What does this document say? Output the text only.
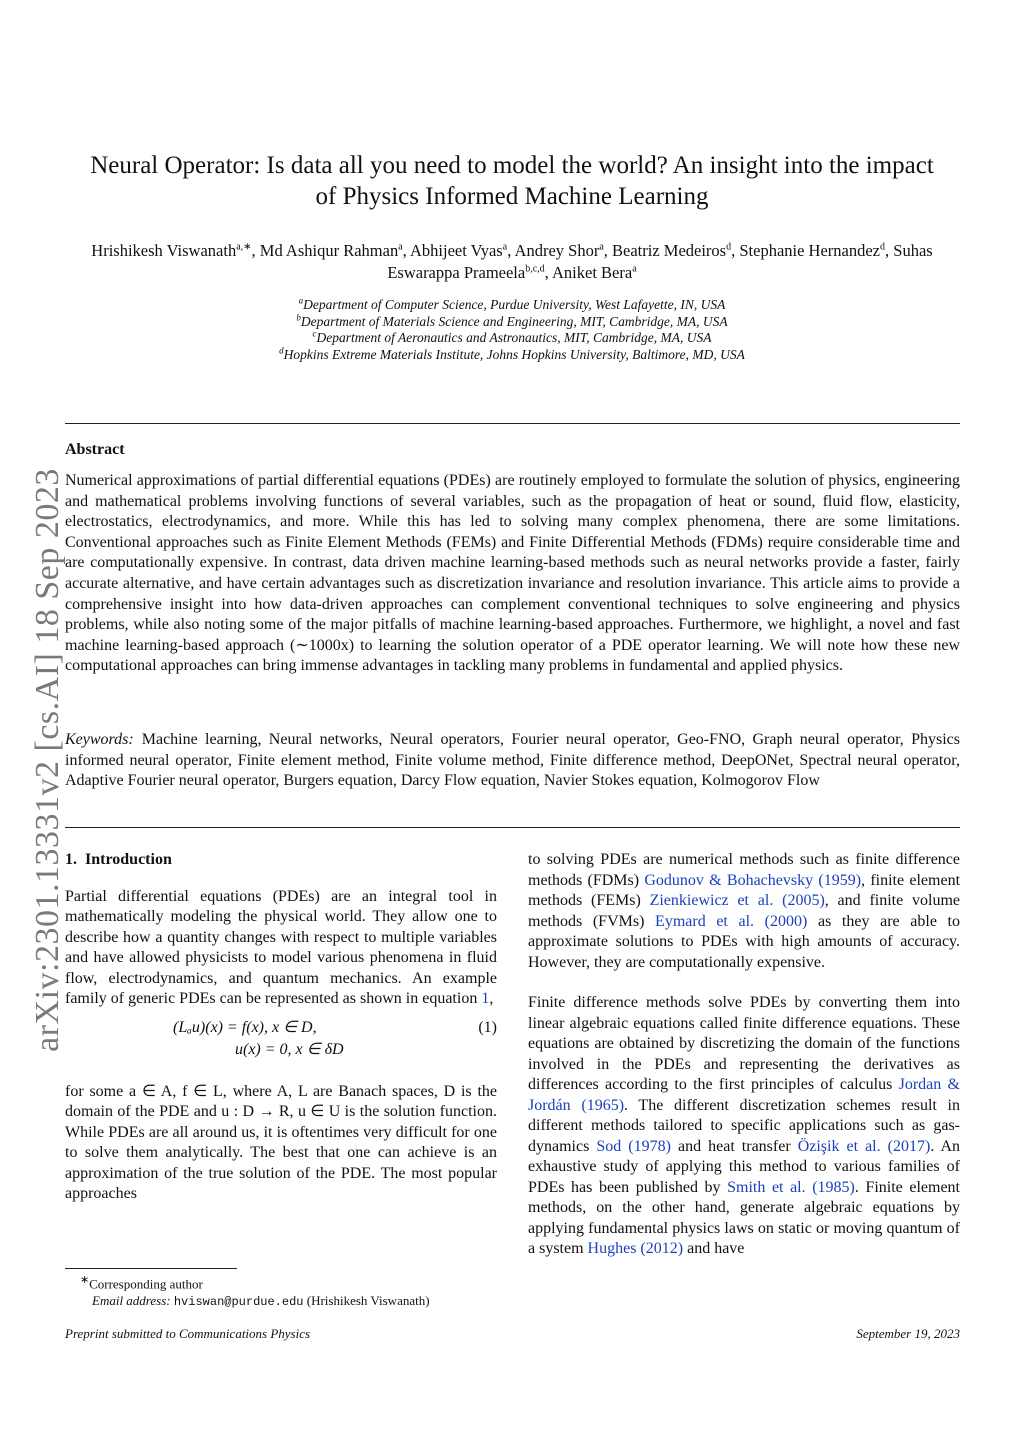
arXiv:2301.13331v2 [cs.AI] 18 Sep 2023
Neural Operator: Is data all you need to model the world? An insight into the impact of Physics Informed Machine Learning
Hrishikesh Viswanath$^{a,∗}$, Md Ashiqur Rahman$^a$, Abhijeet Vyas$^a$, Andrey Shor$^a$, Beatriz Medeiros$^d$, Stephanie Hernandez$^d$, Suhas Eswarappa Prameela$^{b,c,d}$, Aniket Bera$^a$
$^a$Department of Computer Science, Purdue University, West Lafayette, IN, USA
$^b$Department of Materials Science and Engineering, MIT, Cambridge, MA, USA
$^c$Department of Aeronautics and Astronautics, MIT, Cambridge, MA, USA
$^d$Hopkins Extreme Materials Institute, Johns Hopkins University, Baltimore, MD, USA
Abstract
Numerical approximations of partial differential equations (PDEs) are routinely employed to formulate the solution of physics, engineering and mathematical problems involving functions of several variables, such as the propagation of heat or sound, fluid flow, elasticity, electrostatics, electrodynamics, and more. While this has led to solving many complex phenomena, there are some limitations. Conventional approaches such as Finite Element Methods (FEMs) and Finite Differential Methods (FDMs) require considerable time and are computationally expensive. In contrast, data driven machine learning-based methods such as neural networks provide a faster, fairly accurate alternative, and have certain advantages such as discretization invariance and resolution invariance. This article aims to provide a comprehensive insight into how data-driven approaches can complement conventional techniques to solve engineering and physics problems, while also noting some of the major pitfalls of machine learning-based approaches. Furthermore, we highlight, a novel and fast machine learning-based approach (∼1000x) to learning the solution operator of a PDE operator learning. We will note how these new computational approaches can bring immense advantages in tackling many problems in fundamental and applied physics.
Keywords: Machine learning, Neural networks, Neural operators, Fourier neural operator, Geo-FNO, Graph neural operator, Physics informed neural operator, Finite element method, Finite volume method, Finite difference method, DeepONet, Spectral neural operator, Adaptive Fourier neural operator, Burgers equation, Darcy Flow equation, Navier Stokes equation, Kolmogorov Flow
1. Introduction

Partial differential equations (PDEs) are an integral tool in mathematically modeling the physical world. They allow one to describe how a quantity changes with respect to multiple variables and have allowed physicists to model various phenomena in fluid flow, electrodynamics, and quantum mechanics. An example family of generic PDEs can be represented as shown in equation 1,

(Lₐu)(x) = f(x), x ∈ D,
u(x) = 0, x ∈ δD
(1)

for some a ∈ A, f ∈ L, where A, L are Banach spaces, D is the domain of the PDE and u : D → R, u ∈ U is the solution function. While PDEs are all around us, it is oftentimes very difficult for one to solve them analytically. The best that one can achieve is an approximation of the true solution of the PDE. The most popular approaches

to solving PDEs are numerical methods such as finite difference methods (FDMs) Godunov & Bohachevsky (1959), finite element methods (FEMs) Zienkiewicz et al. (2005), and finite volume methods (FVMs) Eymard et al. (2000) as they are able to approximate solutions to PDEs with high amounts of accuracy. However, they are computationally expensive.

Finite difference methods solve PDEs by converting them into linear algebraic equations called finite difference equations. These equations are obtained by discretizing the domain of the functions involved in the PDEs and representing the derivatives as differences according to the first principles of calculus Jordan & Jordán (1965). The different discretization schemes result in different methods tailored to specific applications such as gas-dynamics Sod (1978) and heat transfer Özişik et al. (2017). An exhaustive study of applying this method to various families of PDEs has been published by Smith et al. (1985). Finite element methods, on the other hand, generate algebraic equations by applying fundamental physics laws on static or moving quantum of a system Hughes (2012) and have

∗Corresponding author
Email address: hviswan@purdue.edu (Hrishikesh Viswanath)
Preprint submitted to Communications Physics	September 19, 2023
